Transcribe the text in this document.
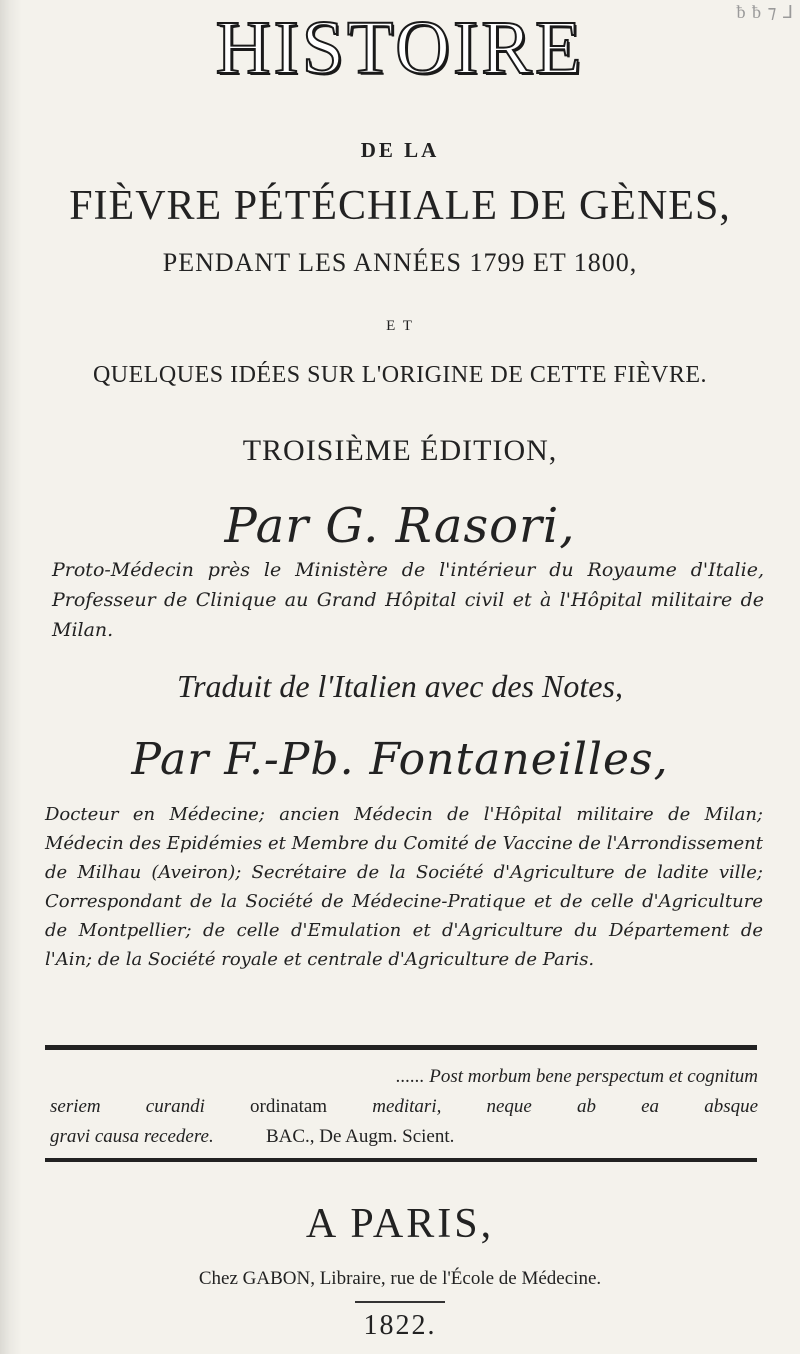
ƀ ƀ ⁊ ⅃
HISTOIRE
DE LA
FIÈVRE PÉTÉCHIALE DE GÈNES,
PENDANT LES ANNÉES 1799 ET 1800,
E T
QUELQUES IDÉES SUR L'ORIGINE DE CETTE FIÈVRE.
TROISIÈME ÉDITION,
Par G. Rasori,
Proto-Médecin près le Ministère de l'intérieur du Royaume d'Italie, Professeur de Clinique au Grand Hôpital civil et à l'Hôpital militaire de Milan.
Traduit de l'Italien avec des Notes,
Par F.-Pb. Fontaneilles,
Docteur en Médecine; ancien Médecin de l'Hôpital militaire de Milan; Médecin des Epidémies et Membre du Comité de Vaccine de l'Arrondissement de Milhau (Aveiron); Secrétaire de la Société d'Agriculture de ladite ville; Correspondant de la Société de Médecine-Pratique et de celle d'Agriculture de Montpellier; de celle d'Emulation et d'Agriculture du Département de l'Ain; de la Société royale et centrale d'Agriculture de Paris.
...... Post morbum bene perspectum et cognitum
seriem curandi ordinatam meditari, neque ab ea absque
gravi causa recedere.	BAC., De Augm. Scient.
A PARIS,
Chez GABON, Libraire, rue de l'École de Médecine.
1822.
